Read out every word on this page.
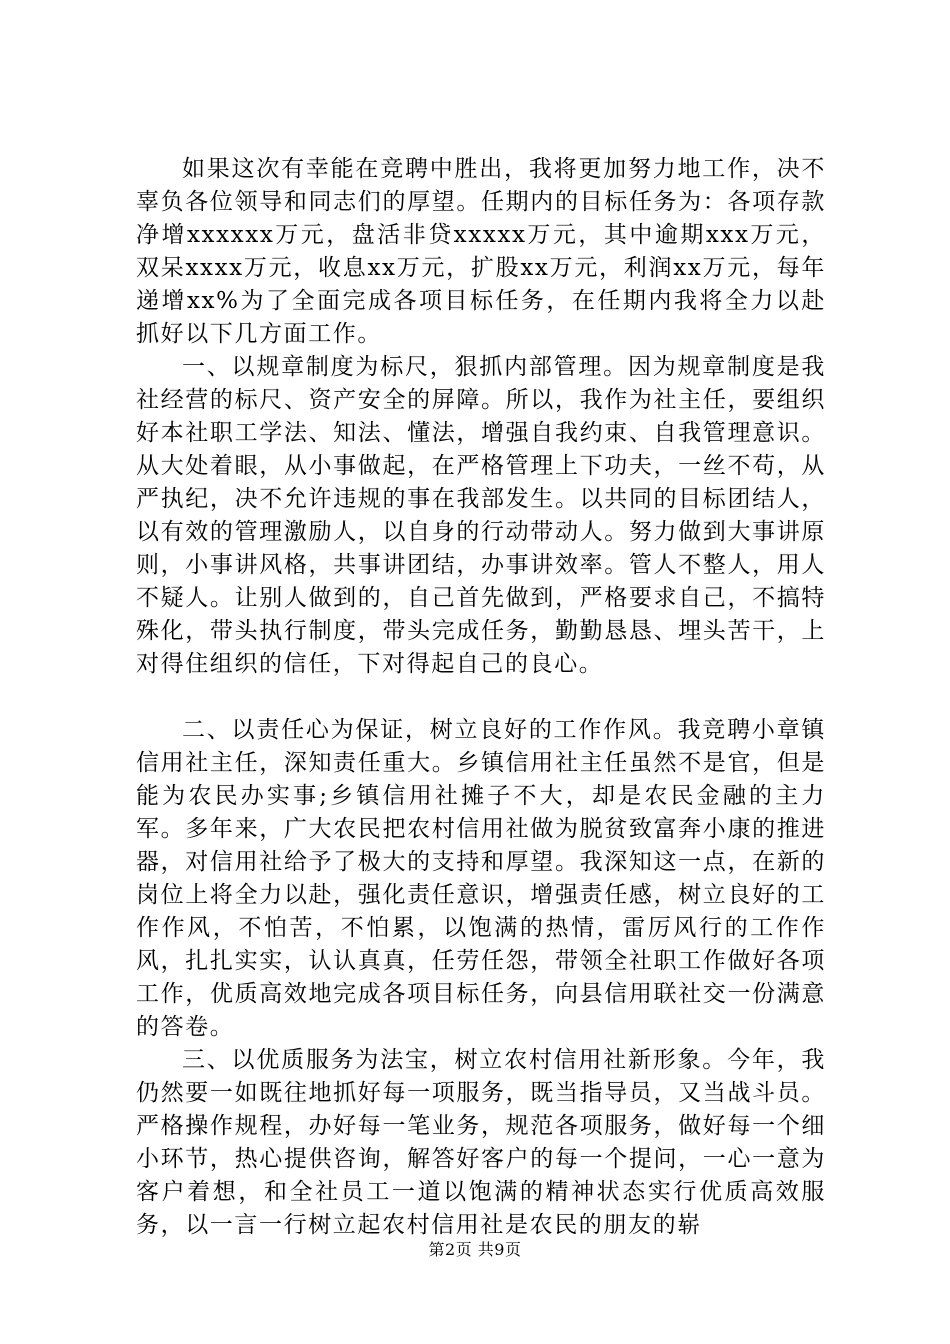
如果这次有幸能在竞聘中胜出，我将更加努力地工作，决不辜负各位领导和同志们的厚望。任期内的目标任务为：各项存款净增xxxxxx万元，盘活非贷xxxxx万元，其中逾期xxx万元，双呆xxxx万元，收息xx万元，扩股xx万元，利润xx万元，每年递增xx%为了全面完成各项目标任务，在任期内我将全力以赴抓好以下几方面工作。

一、以规章制度为标尺，狠抓内部管理。因为规章制度是我社经营的标尺、资产安全的屏障。所以，我作为社主任，要组织好本社职工学法、知法、懂法，增强自我约束、自我管理意识。从大处着眼，从小事做起，在严格管理上下功夫，一丝不苟，从严执纪，决不允许违规的事在我部发生。以共同的目标团结人，以有效的管理激励人，以自身的行动带动人。努力做到大事讲原则，小事讲风格，共事讲团结，办事讲效率。管人不整人，用人不疑人。让别人做到的，自己首先做到，严格要求自己，不搞特殊化，带头执行制度，带头完成任务，勤勤恳恳、埋头苦干，上对得住组织的信任，下对得起自己的良心。

二、以责任心为保证，树立良好的工作作风。我竞聘小章镇信用社主任，深知责任重大。乡镇信用社主任虽然不是官，但是能为农民办实事;乡镇信用社摊子不大，却是农民金融的主力军。多年来，广大农民把农村信用社做为脱贫致富奔小康的推进器，对信用社给予了极大的支持和厚望。我深知这一点，在新的岗位上将全力以赴，强化责任意识，增强责任感，树立良好的工作作风，不怕苦，不怕累，以饱满的热情，雷厉风行的工作作风，扎扎实实，认认真真，任劳任怨，带领全社职工作做好各项工作，优质高效地完成各项目标任务，向县信用联社交一份满意的答卷。

三、以优质服务为法宝，树立农村信用社新形象。今年，我仍然要一如既往地抓好每一项服务，既当指导员，又当战斗员。严格操作规程，办好每一笔业务，规范各项服务，做好每一个细小环节，热心提供咨询，解答好客户的每一个提问，一心一意为客户着想，和全社员工一道以饱满的精神状态实行优质高效服务，以一言一行树立起农村信用社是农民的朋友的崭

第2页 共9页
